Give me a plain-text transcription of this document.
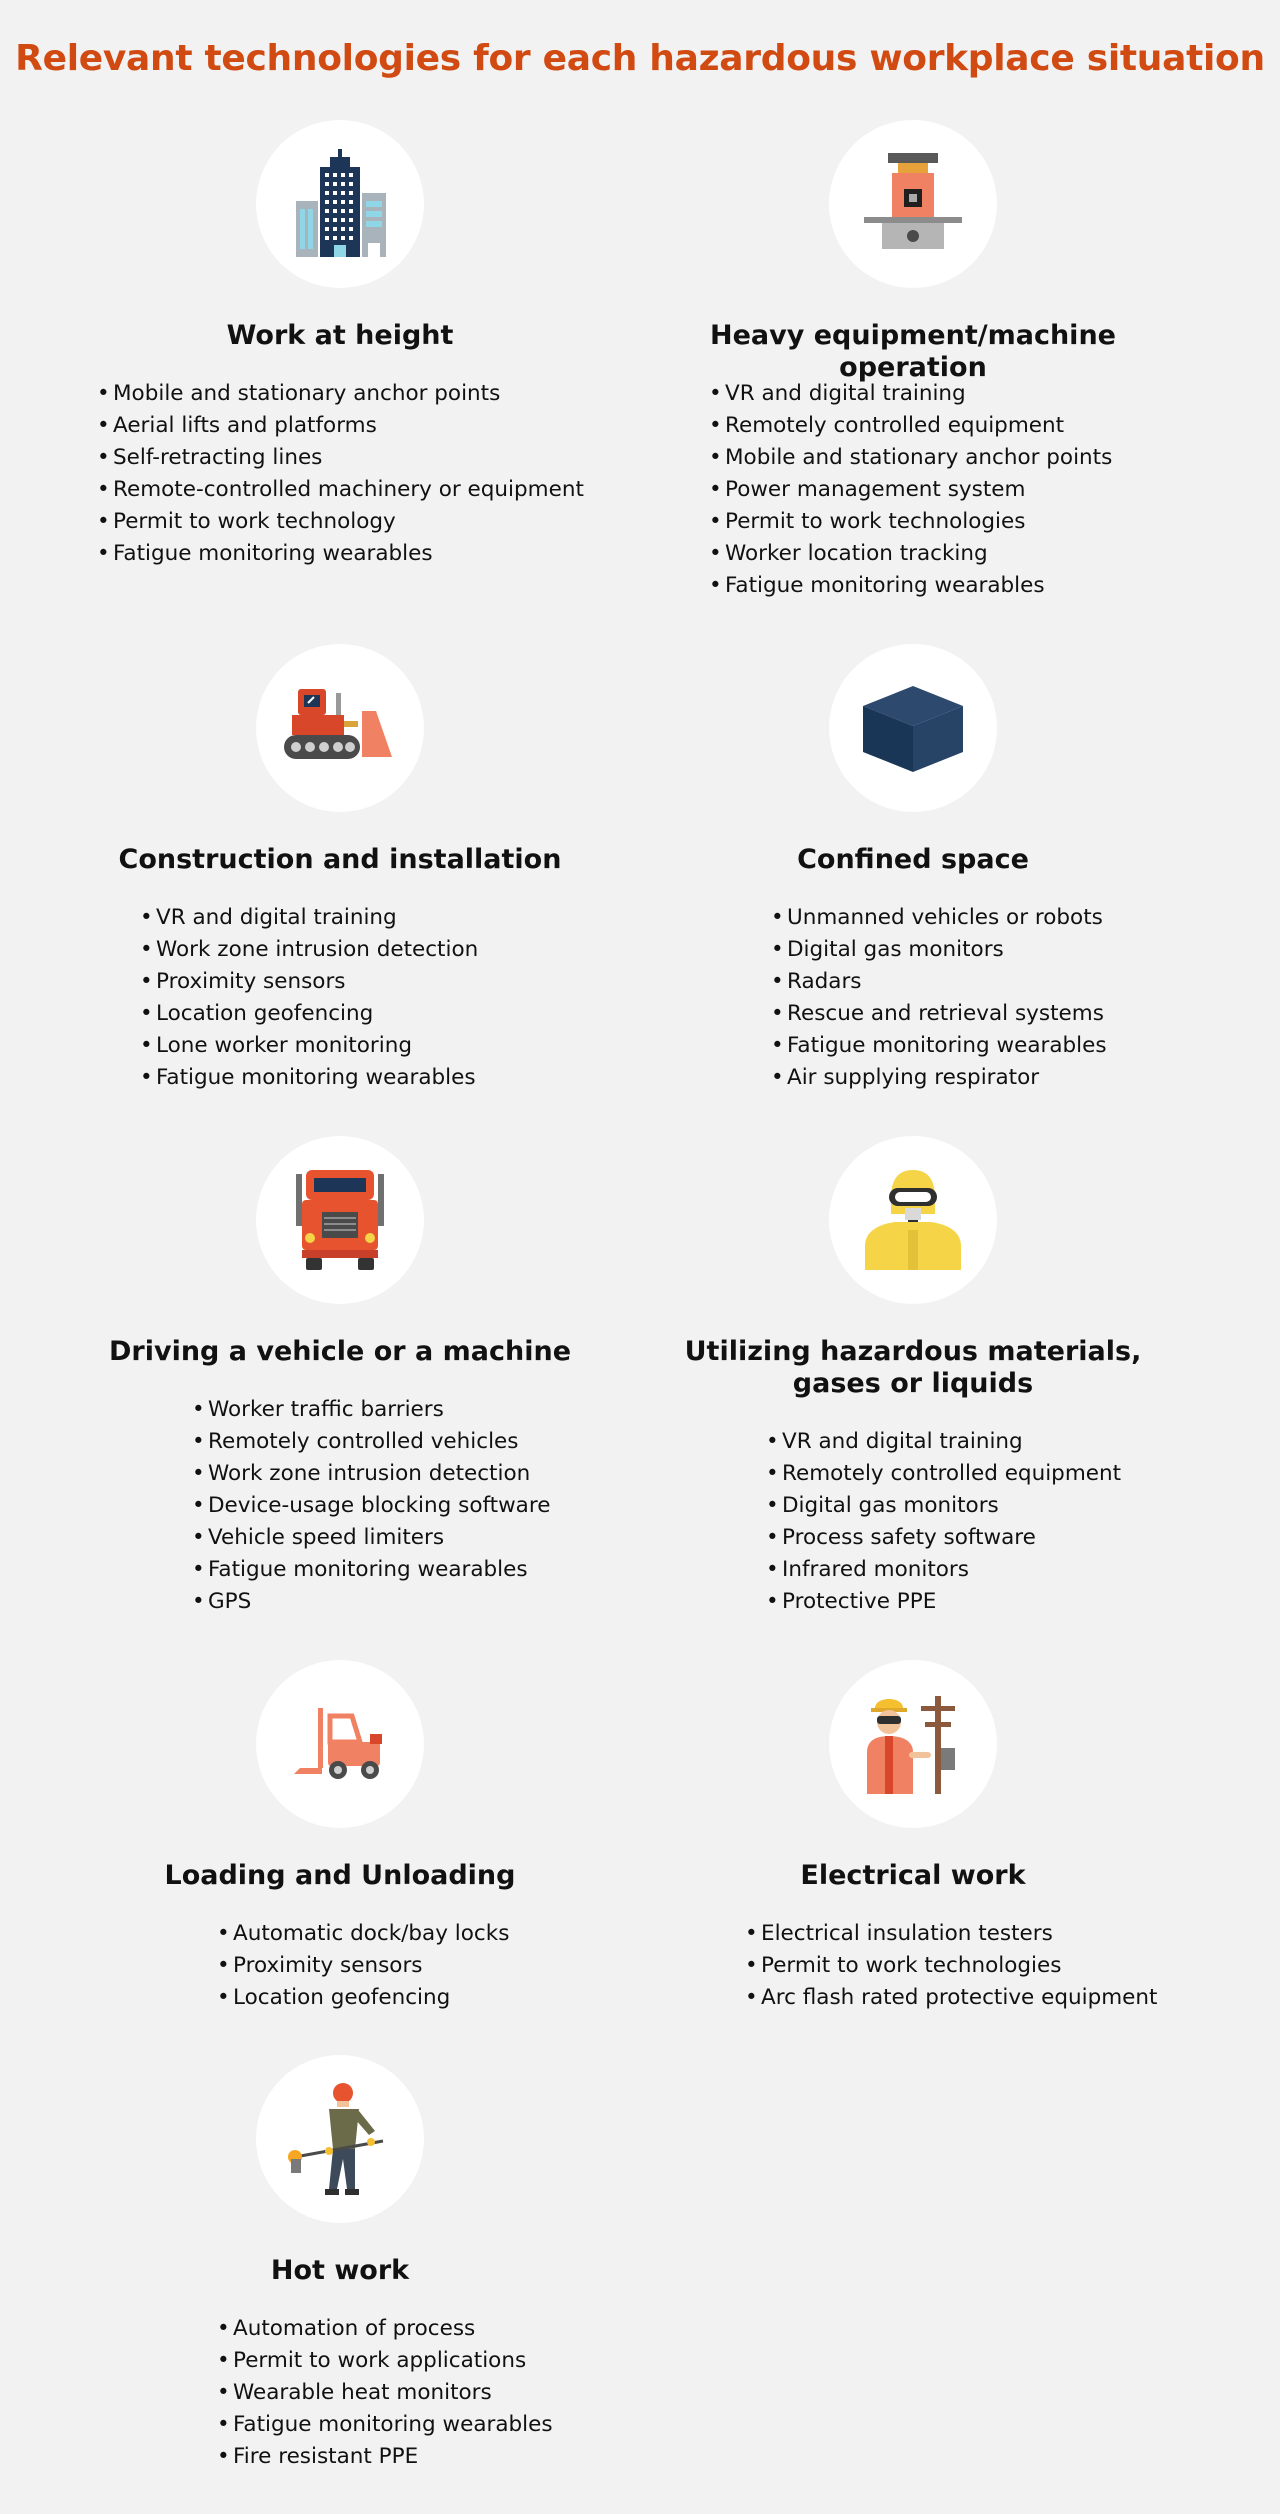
Relevant technologies for each hazardous workplace situation
Work at height
• Mobile and stationary anchor points
• Aerial lifts and platforms
• Self-retracting lines
• Remote-controlled machinery or equipment
• Permit to work technology
• Fatigue monitoring wearables
Heavy equipment/machine operation
• VR and digital training
• Remotely controlled equipment
• Mobile and stationary anchor points
• Power management system
• Permit to work technologies
• Worker location tracking
• Fatigue monitoring wearables
Construction and installation
• VR and digital training
• Work zone intrusion detection
• Proximity sensors
• Location geofencing
• Lone worker monitoring
• Fatigue monitoring wearables
Confined space
• Unmanned vehicles or robots
• Digital gas monitors
• Radars
• Rescue and retrieval systems
• Fatigue monitoring wearables
• Air supplying respirator
Driving a vehicle or a machine
• Worker traffic barriers
• Remotely controlled vehicles
• Work zone intrusion detection
• Device-usage blocking software
• Vehicle speed limiters
• Fatigue monitoring wearables
• GPS
Utilizing hazardous materials,
gases or liquids
• VR and digital training
• Remotely controlled equipment
• Digital gas monitors
• Process safety software
• Infrared monitors
• Protective PPE
Loading and Unloading
• Automatic dock/bay locks
• Proximity sensors
• Location geofencing
Electrical work
• Electrical insulation testers
• Permit to work technologies
• Arc flash rated protective equipment
Hot work
• Automation of process
• Permit to work applications
• Wearable heat monitors
• Fatigue monitoring wearables
• Fire resistant PPE
